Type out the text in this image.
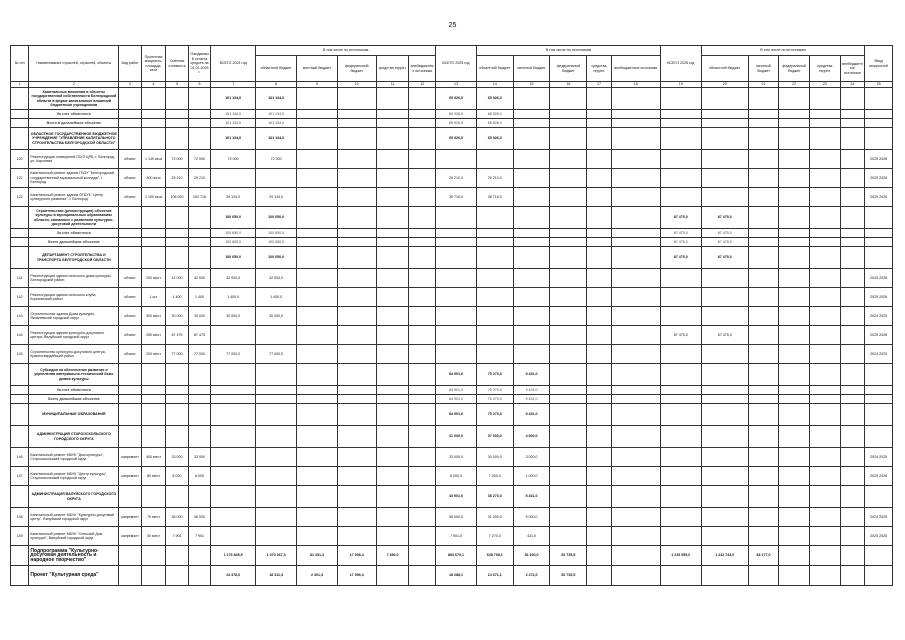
25
№ п/п	Наименование отраслей, отраслей, объекты	Вид работ	Проектная мощность, площадь, кв.м	Сметная стоимость	Ожидаемый остаток средств на 01.01.2025 г.	ВСЕГО 2024 год	В том числе по источникам					ВСЕГО 2025 год	В том числе по источникам					ВСЕГО 2026 год	В том числе по источникам					Ввод мощностей
							областной бюджет	местный бюджет	федеральный бюджет	средства террит.	внебюджетные источники		областной бюджет	местный бюджет	федеральный бюджет	средства террит.	внебюджетные источники		областной бюджет	местный бюджет	федеральный бюджет	средства террит.	внебюджетные источники	
1	2	3	4	5	6	7	8	9	10	11	12	13	14	15	16	17	18	19	20	21	22	23	24	25
	Капитальные вложения в объекты государственной собственности Белгородской области в форме капитальных вложений бюджетным учреждениям					101 134,0	101 134,0					65 926,0	65 926,0											
	За счет областного					101 134,0	101 134,0					65 926,0	65 926,0											
	Всего в дальнейших объектах					101 134,0	101 134,0					65 926,0	65 926,0											
	ОБЛАСТНОЕ ГОСУДАРСТВЕННОЕ БЮДЖЕТНОЕ УЧРЕЖДЕНИЕ "УПРАВЛЕНИЕ КАПИТАЛЬНОГО СТРОИТЕЛЬСТВА БЕЛГОРОДСКОЙ ОБЛАСТИ"					101 134,0	101 134,0					65 926,0	65 926,0											
120	Реконструкция помещений ГБУЗ ЦРБ, г. Белгород, ул. Королева	объект	1 140 кв.м	72 000	72 000	72 000	72 000																	2025 2026
121	Капитальный ремонт здания ГБОУ "Белгородский государственный музыкальный колледж", г. Белгород	объект	800 кв.м	29 210	29 210							29 210,0	29 210,0											2025 2026
122	Капитальный ремонт здания ОГБУК "Центр культурного развития", г. Белгород	объект	1 100 кв.м	108 920	102 716	29 134,0	29 134,0					36 716,0	36 716,0											2025 2026
	Строительство (реконструкция) объектов культуры в муниципальных образованиях области, связанных с развитием культурно-досуговой деятельности					100 650,0	100 650,0											87 475,0	87 475,0					
	За счет областного					100 650,0	100 650,0											87 475,0	87 475,0					
	Всего дальнейших объектов					100 650,0	100 650,0											87 475,0	87 475,0					
	ДЕПАРТАМЕНТ СТРОИТЕЛЬСТВА И ТРАНСПОРТА БЕЛГОРОДСКОЙ ОБЛАСТИ					100 650,0	100 650,0											87 475,0	87 475,0					
141	Реконструкция здания сельского дома культуры, Белгородский район	объект	200 мест	42 000	42 000	42 000,0	42 000,0																	2025 2026
142	Реконструкция здания сельского клуба, Корочанский район	объект	1 шт.	1 400	1 400	1 400,0	1 400,0																	2025 2026
143	Строительство здания Дома культуры, Яковлевский городской округ	объект	300 мест	30 000	30 000	30 000,0	30 000,0																	2024 2025
144	Реконструкция здания культурно-досугового центра, Валуйский городской округ	объект	250 мест	87 475	87 475													87 475,0	87 475,0					2025 2026
145	Строительство культурно-досугового центра, Красногвардейский район	объект	200 мест	77 000	77 000	77 000,0	77 000,0																	2024 2025
	Субсидии на обеспечение развития и укрепления материально-технической базы домов культуры											84 901,0	75 270,0	9 431,0										
	За счет областного											84 901,0	75 270,0	9 431,0										
	Всего дальнейших объектов											84 901,0	75 270,0	9 431,0										
	МУНИЦИПАЛЬНЫЕ ОБРАЗОВАНИЯ											84 901,0	75 270,0	9 431,0										
	АДМИНИСТРАЦИЯ СТАРООСКОЛЬСКОГО ГОРОДСКОГО ОКРУГА											41 000,0	37 000,0	4 000,0										
146	Капитальный ремонт МБУК "Дом культуры", Старооскольский городской округ	капремонт	400 мест	33 000	33 000							33 000,0	30 000,0	3 000,0										2024 2025
147	Капитальный ремонт МБУК "Центр культуры", Старооскольский городской округ	капремонт	80 мест	8 000	8 000							8 000,0	7 000,0	1 000,0										2025 2026
	АДМИНИСТРАЦИЯ ВАЛУЙСКОГО ГОРОДСКОГО ОКРУГА											43 901,0	38 270,0	5 431,0										
148	Капитальный ремонт МБУК "Культурно-досуговый центр", Валуйский городской округ	капремонт	70 мест	36 000	36 000							36 000,0	31 000,0	5 000,0										2024 2025
149	Капитальный ремонт МБУК "Сельский Дом культуры", Валуйский городской округ	капремонт	50 мест	7 901	7 901							7 901,0	7 270,0	431,0										2025 2026
	Подпрограмма "Культурно-досуговая деятельность и народное творчество"					1 176 845,5	1 070 267,3	81 431,3	17 906,4	7 450,0		853 670,1	648 798,1	52 160,0	52 735,5			1 225 959,0	1 242 743,0	83 177,0				
	Проект "Культурная среда"					24 378,0	18 311,3	2 301,3	17 906,4			18 288,1	14 671,1	2 272,0	52 735,5									
